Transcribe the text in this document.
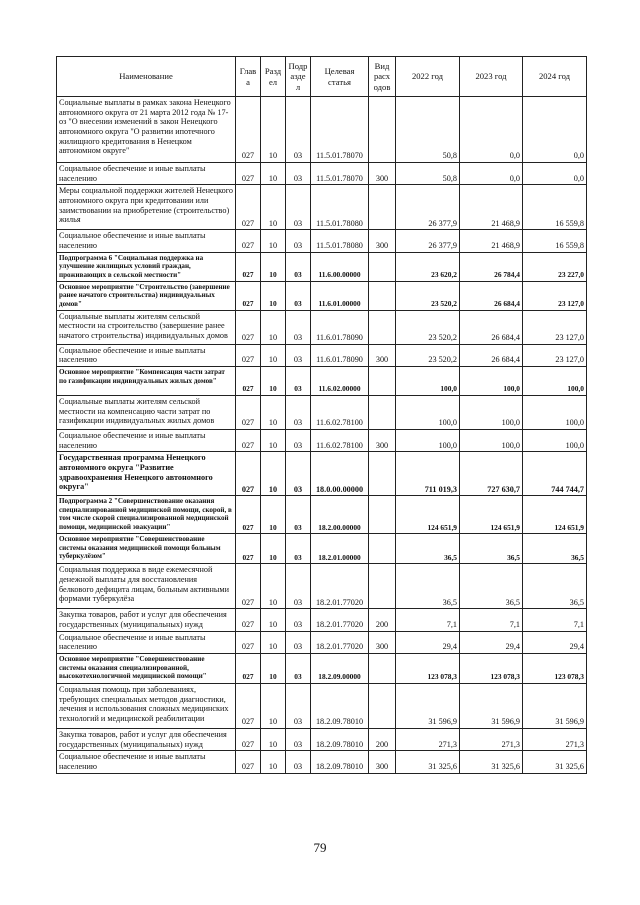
Наименование	Глав а	Разд ел	Подр азде л	Целевая статья	Вид расх одов	2022 год	2023 год	2024 год
Социальные выплаты в рамках закона Ненецкого автономного округа от 21 марта 2012 года № 17-оз "О внесении изменений в закон Ненецкого автономного округа "О развитии ипотечного жилищного кредитования в Ненецком автономном округе"	027	10	03	11.5.01.78070		50,8	0,0	0,0
Социальное обеспечение и иные выплаты населению	027	10	03	11.5.01.78070	300	50,8	0,0	0,0
Меры социальной поддержки жителей Ненецкого автономного округа при кредитовании или заимствовании на приобретение (строительство) жилья	027	10	03	11.5.01.78080		26 377,9	21 468,9	16 559,8
Социальное обеспечение и иные выплаты населению	027	10	03	11.5.01.78080	300	26 377,9	21 468,9	16 559,8
Подпрограмма 6 "Социальная поддержка на улучшение жилищных условий граждан, проживающих в сельской местности"	027	10	03	11.6.00.00000		23 620,2	26 784,4	23 227,0
Основное мероприятие "Строительство (завершение ранее начатого строительства) индивидуальных домов"	027	10	03	11.6.01.00000		23 520,2	26 684,4	23 127,0
Социальные выплаты жителям сельской местности на строительство (завершение ранее начатого строительства) индивидуальных домов	027	10	03	11.6.01.78090		23 520,2	26 684,4	23 127,0
Социальное обеспечение и иные выплаты населению	027	10	03	11.6.01.78090	300	23 520,2	26 684,4	23 127,0
Основное мероприятие "Компенсация части затрат по газификации индивидуальных жилых домов"	027	10	03	11.6.02.00000		100,0	100,0	100,0
Социальные выплаты жителям сельской местности на компенсацию части затрат по газификации индивидуальных жилых домов	027	10	03	11.6.02.78100		100,0	100,0	100,0
Социальное обеспечение и иные выплаты населению	027	10	03	11.6.02.78100	300	100,0	100,0	100,0
Государственная программа Ненецкого автономного округа "Развитие здравоохранения Ненецкого автономного округа"	027	10	03	18.0.00.00000		711 019,3	727 630,7	744 744,7
Подпрограмма 2 "Совершенствование оказания специализированной медицинской помощи, скорой, в том числе скорой специализированной медицинской помощи, медицинской эвакуации"	027	10	03	18.2.00.00000		124 651,9	124 651,9	124 651,9
Основное мероприятие "Совершенствование системы оказания медицинской помощи больным туберкулёзом"	027	10	03	18.2.01.00000		36,5	36,5	36,5
Социальная поддержка в виде ежемесячной денежной выплаты для восстановления белкового дефицита лицам, больным активными формами туберкулёза	027	10	03	18.2.01.77020		36,5	36,5	36,5
Закупка товаров, работ и услуг для обеспечения государственных (муниципальных) нужд	027	10	03	18.2.01.77020	200	7,1	7,1	7,1
Социальное обеспечение и иные выплаты населению	027	10	03	18.2.01.77020	300	29,4	29,4	29,4
Основное мероприятие "Совершенствование системы оказания специализированной, высокотехнологичной медицинской помощи"	027	10	03	18.2.09.00000		123 078,3	123 078,3	123 078,3
Социальная помощь при заболеваниях, требующих специальных методов диагностики, лечения и использования сложных медицинских технологий и медицинской реабилитации	027	10	03	18.2.09.78010		31 596,9	31 596,9	31 596,9
Закупка товаров, работ и услуг для обеспечения государственных (муниципальных) нужд	027	10	03	18.2.09.78010	200	271,3	271,3	271,3
Социальное обеспечение и иные выплаты населению	027	10	03	18.2.09.78010	300	31 325,6	31 325,6	31 325,6
79
